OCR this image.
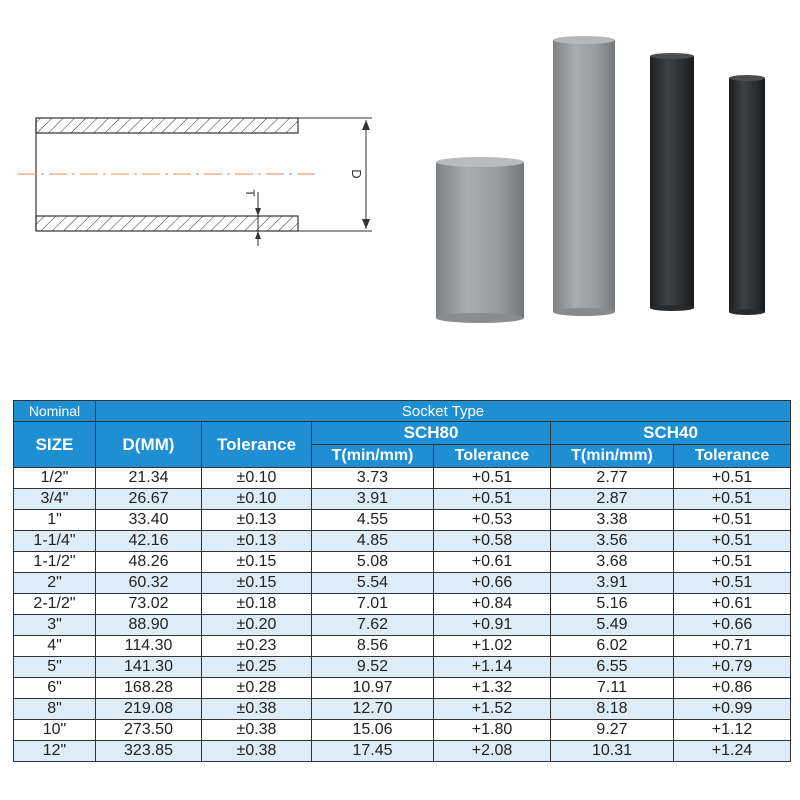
D
T
Nominal	Socket Type					
SIZE	D(MM)	Tolerance	SCH80		SCH40	
			T(min/mm)	Tolerance	T(min/mm)	Tolerance
1/2"	21.34	±0.10	3.73	+0.51	2.77	+0.51
3/4"	26.67	±0.10	3.91	+0.51	2.87	+0.51
1"	33.40	±0.13	4.55	+0.53	3.38	+0.51
1-1/4"	42.16	±0.13	4.85	+0.58	3.56	+0.51
1-1/2"	48.26	±0.15	5.08	+0.61	3.68	+0.51
2"	60.32	±0.15	5.54	+0.66	3.91	+0.51
2-1/2"	73.02	±0.18	7.01	+0.84	5.16	+0.61
3"	88.90	±0.20	7.62	+0.91	5.49	+0.66
4"	114.30	±0.23	8.56	+1.02	6.02	+0.71
5"	141.30	±0.25	9.52	+1.14	6.55	+0.79
6"	168.28	±0.28	10.97	+1.32	7.11	+0.86
8"	219.08	±0.38	12.70	+1.52	8.18	+0.99
10"	273.50	±0.38	15.06	+1.80	9.27	+1.12
12"	323.85	±0.38	17.45	+2.08	10.31	+1.24
